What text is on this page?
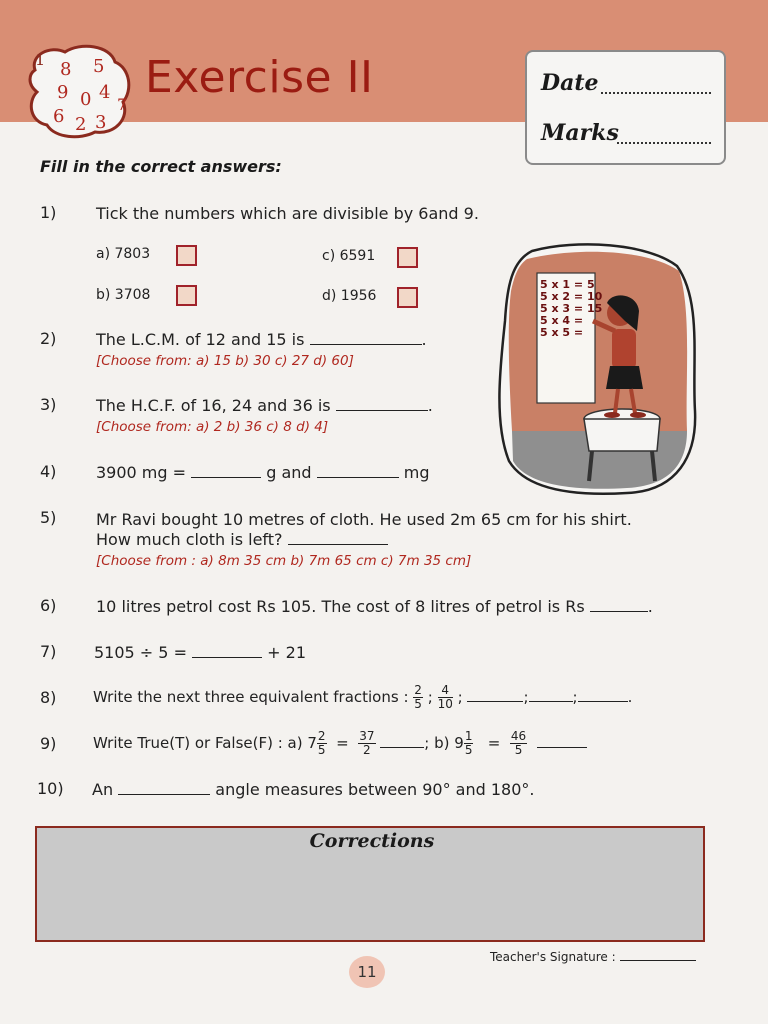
1 8 5
9 0 4
7
6 2 3
Exercise II	Date
Marks
Fill in the correct answers:
1) Tick the numbers which are divisible by 6and 9.
a) 7803	c) 6591
b) 3708	d) 1956
2) The L.C.M. of 12 and 15 is	.
[Choose from: a) 15 b) 30 c) 27 d) 60]
3) The H.C.F. of 16, 24 and 36 is	.
[Choose from: a) 2 b) 36 c) 8 d) 4]
4) 3900 mg =	g and	mg
5) Mr Ravi bought 10 metres of cloth. He used 2m 65 cm for his shirt.
How much cloth is left?
[Choose from : a) 8m 35 cm b) 7m 65 cm c) 7m 35 cm]
6) 10 litres petrol cost Rs 105. The cost of 8 litres of petrol is Rs	.
7) 5105 ÷ 5 =	+ 21
8) Write the next three equivalent fractions : $\frac{2}{5}$ ; $\frac{4}{10}$ ;	;	;	.
9) Write True(T) or False(F) : a) $7 \frac{2}{5} = \frac{37}{2}$	; b) $9 \frac{1}{5} = \frac{46}{5}$

10) An	angle measures between 90° and 180°.
5 x 1 = 5
5 x 2 = 10
5 x 3 = 15
5 x 4 =
5 x 5 =
Corrections
Teacher's Signature :
11
